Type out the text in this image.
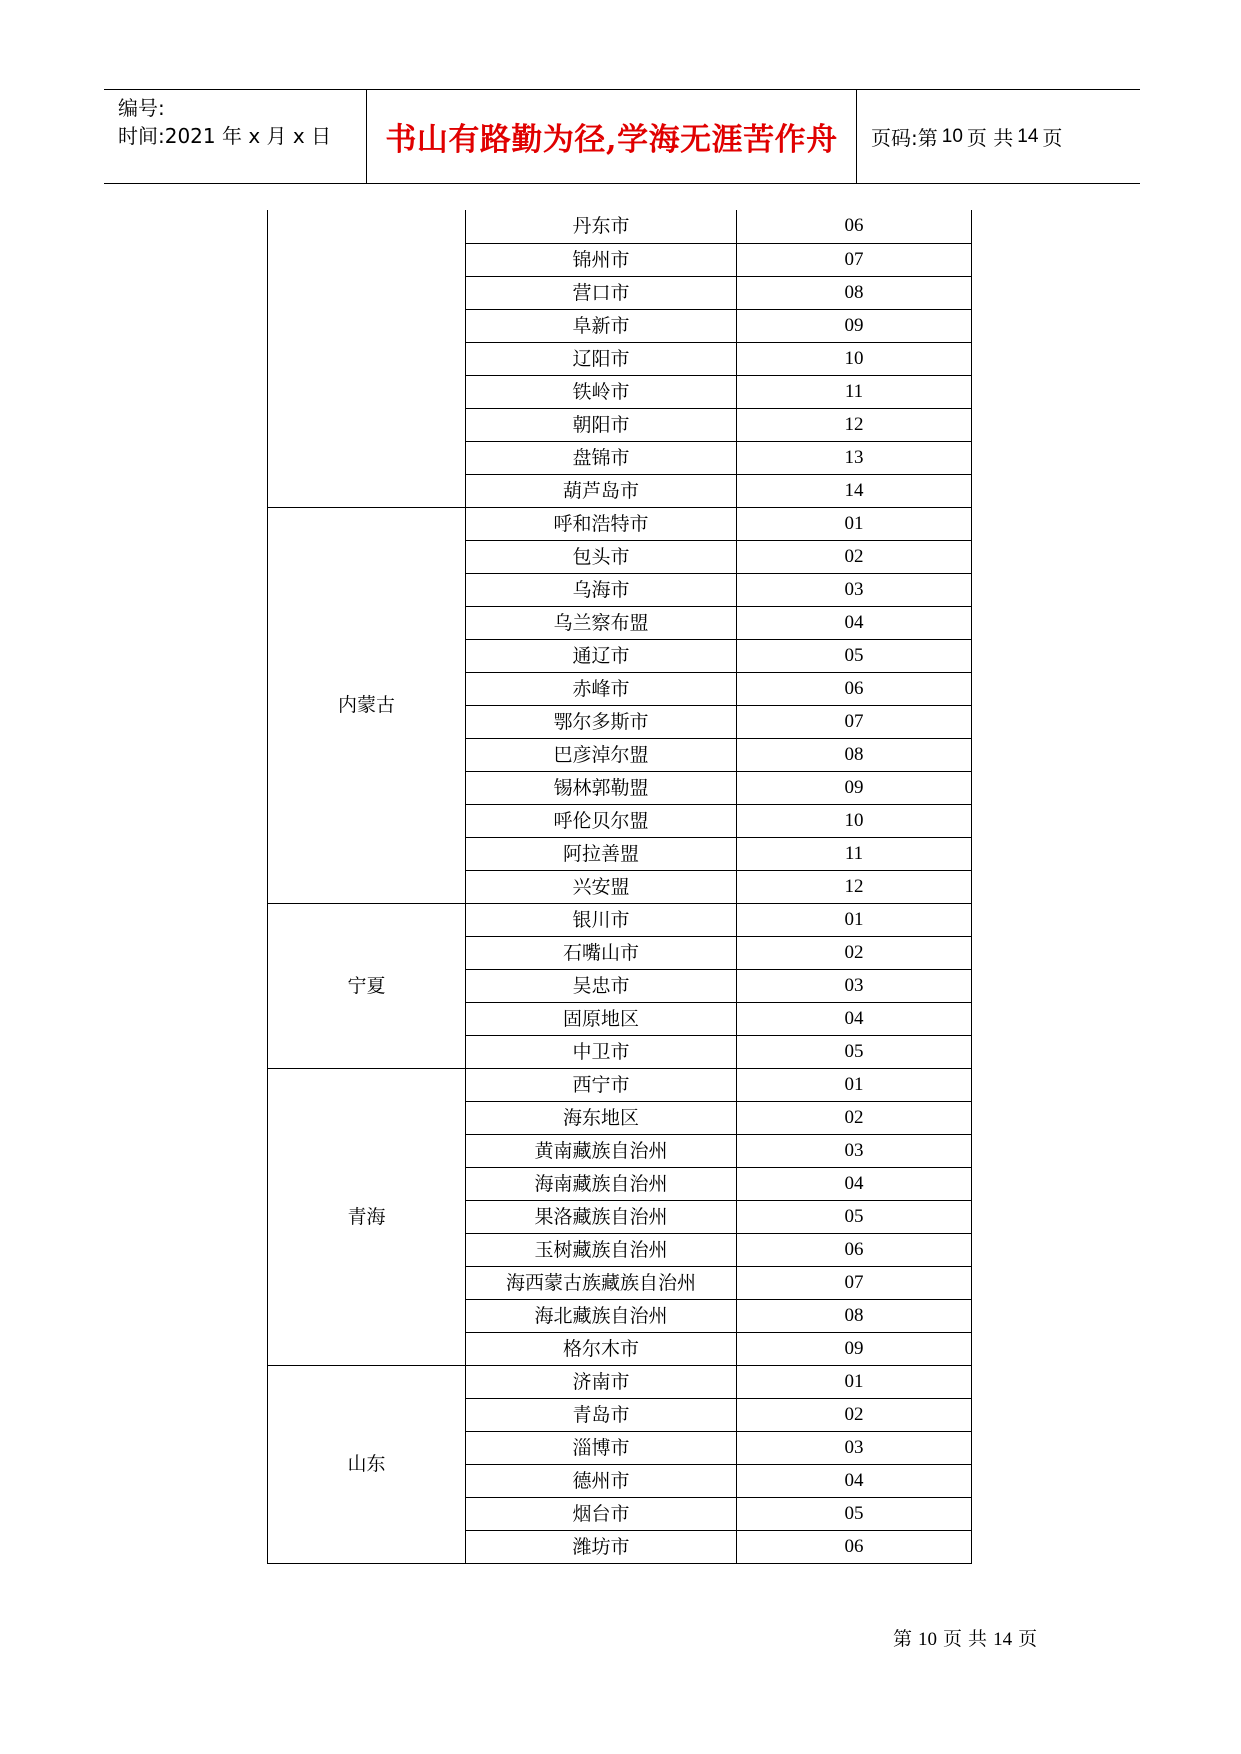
编号:
时间:2021 年 x 月 x 日	书山有路勤为径,学海无涯苦作舟	页码:第 10 页 共 14 页
	丹东市	06
	锦州市	07
	营口市	08
	阜新市	09
	辽阳市	10
	铁岭市	11
	朝阳市	12
	盘锦市	13
	葫芦岛市	14
内蒙古	呼和浩特市	01
	包头市	02
	乌海市	03
	乌兰察布盟	04
	通辽市	05
	赤峰市	06
	鄂尔多斯市	07
	巴彦淖尔盟	08
	锡林郭勒盟	09
	呼伦贝尔盟	10
	阿拉善盟	11
	兴安盟	12
宁夏	银川市	01
	石嘴山市	02
	吴忠市	03
	固原地区	04
	中卫市	05
青海	西宁市	01
	海东地区	02
	黄南藏族自治州	03
	海南藏族自治州	04
	果洛藏族自治州	05
	玉树藏族自治州	06
	海西蒙古族藏族自治州	07
	海北藏族自治州	08
	格尔木市	09
山东	济南市	01
	青岛市	02
	淄博市	03
	德州市	04
	烟台市	05
	潍坊市	06
第 10 页 共 14 页
